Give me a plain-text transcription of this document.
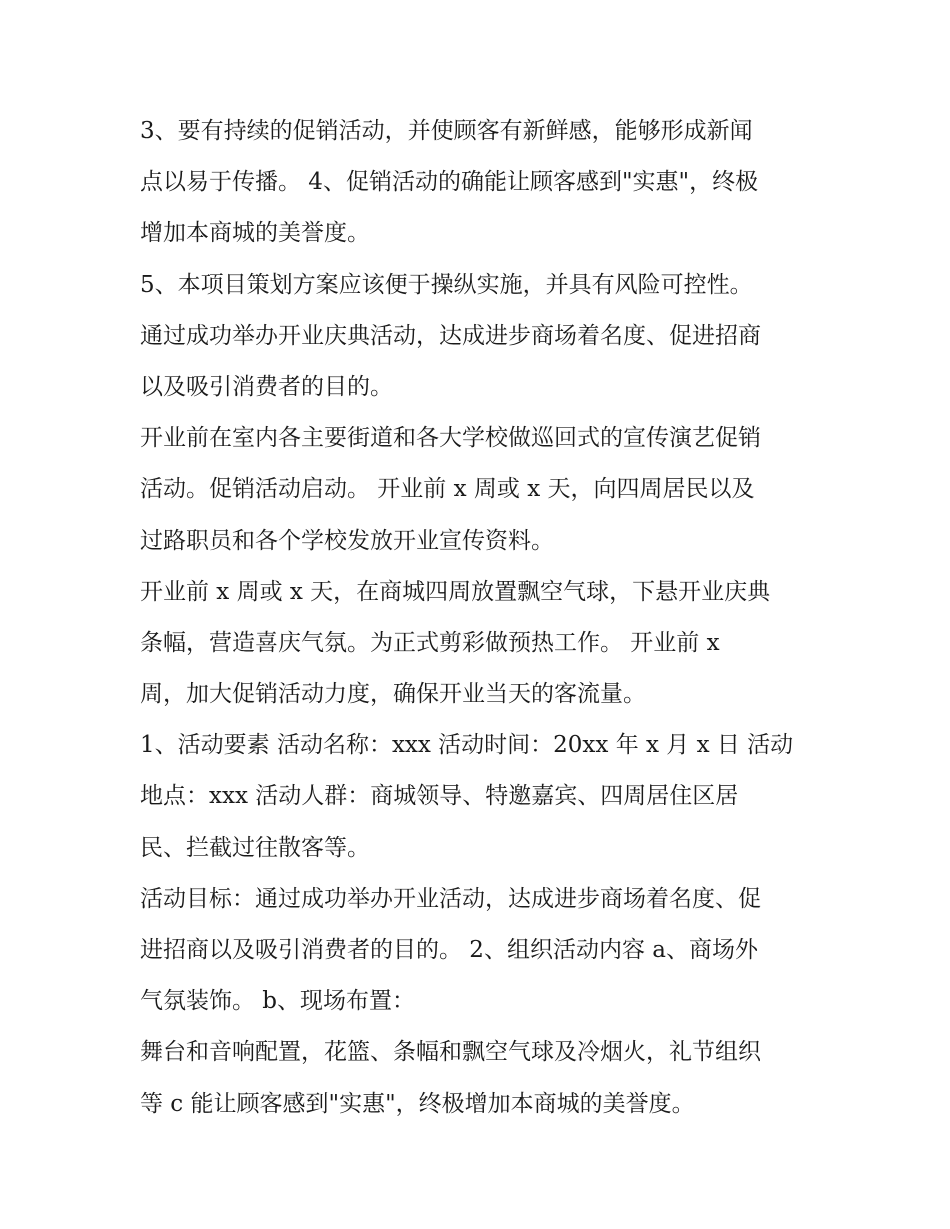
3、要有持续的促销活动，并使顾客有新鲜感，能够形成新闻
点以易于传播。 4、促销活动的确能让顾客感到"实惠"，终极
增加本商城的美誉度。

5、本项目策划方案应该便于操纵实施，并具有风险可控性。

通过成功举办开业庆典活动，达成进步商场着名度、促进招商
以及吸引消费者的目的。

开业前在室内各主要街道和各大学校做巡回式的宣传演艺促销
活动。促销活动启动。 开业前 x 周或 x 天，向四周居民以及
过路职员和各个学校发放开业宣传资料。

开业前 x 周或 x 天，在商城四周放置飘空气球，下悬开业庆典
条幅，营造喜庆气氛。为正式剪彩做预热工作。 开业前 x
周，加大促销活动力度，确保开业当天的客流量。

1、活动要素 活动名称：xxx 活动时间：20xx 年 x 月 x 日 活动
地点：xxx 活动人群：商城领导、特邀嘉宾、四周居住区居
民、拦截过往散客等。

活动目标：通过成功举办开业活动，达成进步商场着名度、促
进招商以及吸引消费者的目的。 2、组织活动内容 a、商场外
气氛装饰。 b、现场布置：

舞台和音响配置，花篮、条幅和飘空气球及冷烟火，礼节组织
等 c 能让顾客感到"实惠"，终极增加本商城的美誉度。
